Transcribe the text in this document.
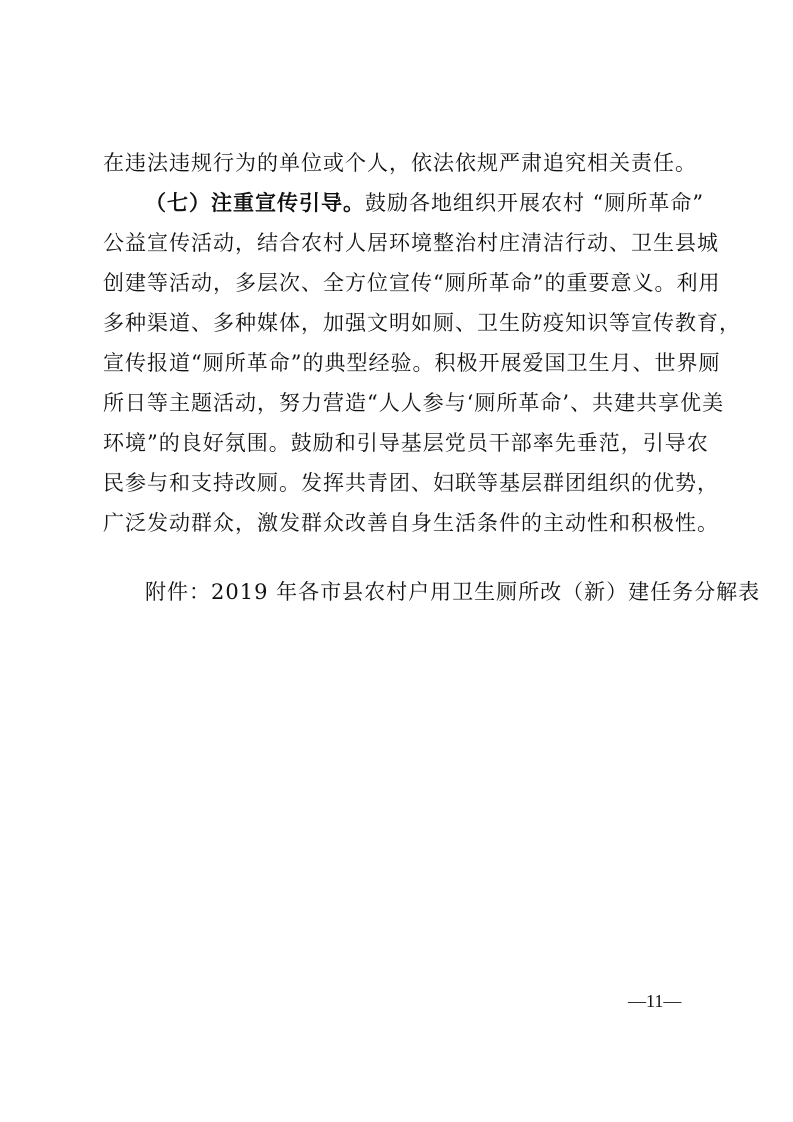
在违法违规行为的单位或个人，依法依规严肃追究相关责任。
（七）注重宣传引导。鼓励各地组织开展农村 “厕所革命”
公益宣传活动，结合农村人居环境整治村庄清洁行动、卫生县城
创建等活动，多层次、全方位宣传“厕所革命”的重要意义。利用
多种渠道、多种媒体，加强文明如厕、卫生防疫知识等宣传教育，
宣传报道“厕所革命”的典型经验。积极开展爱国卫生月、世界厕
所日等主题活动，努力营造“人人参与‘厕所革命’、共建共享优美
环境”的良好氛围。鼓励和引导基层党员干部率先垂范，引导农
民参与和支持改厕。发挥共青团、妇联等基层群团组织的优势，
广泛发动群众，激发群众改善自身生活条件的主动性和积极性。
附件：2019 年各市县农村户用卫生厕所改（新）建任务分解表
—11—
